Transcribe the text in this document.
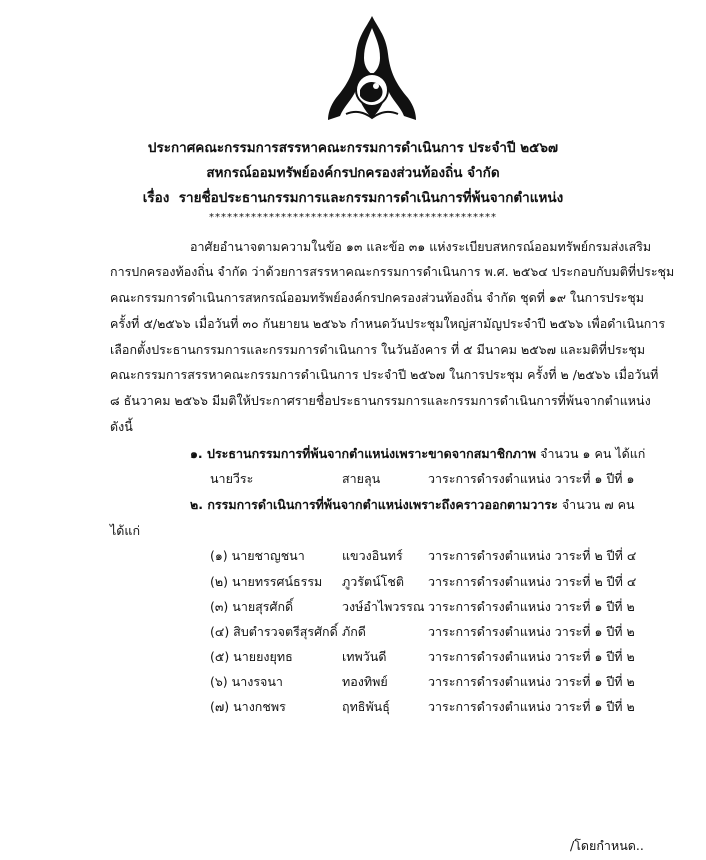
ประกาศคณะกรรมการสรรหาคณะกรรมการดำเนินการ ประจำปี ๒๕๖๗
สหกรณ์ออมทรัพย์องค์กรปกครองส่วนท้องถิ่น จำกัด
เรื่อง รายชื่อประธานกรรมการและกรรมการดำเนินการที่พ้นจากตำแหน่ง
************************************************
อาศัยอำนาจตามความในข้อ ๑๓ และข้อ ๓๑ แห่งระเบียบสหกรณ์ออมทรัพย์กรมส่งเสริม
การปกครองท้องถิ่น จำกัด ว่าด้วยการสรรหาคณะกรรมการดำเนินการ พ.ศ. ๒๕๖๔ ประกอบกับมติที่ประชุม
คณะกรรมการดำเนินการสหกรณ์ออมทรัพย์องค์กรปกครองส่วนท้องถิ่น จำกัด ชุดที่ ๑๙ ในการประชุม
ครั้งที่ ๕/๒๕๖๖ เมื่อวันที่ ๓๐ กันยายน ๒๕๖๖ กำหนดวันประชุมใหญ่สามัญประจำปี ๒๕๖๖ เพื่อดำเนินการ
เลือกตั้งประธานกรรมการและกรรมการดำเนินการ ในวันอังคาร ที่ ๕ มีนาคม ๒๕๖๗ และมติที่ประชุม
คณะกรรมการสรรหาคณะกรรมการดำเนินการ ประจำปี ๒๕๖๗ ในการประชุม ครั้งที่ ๒ /๒๕๖๖ เมื่อวันที่
๘ ธันวาคม ๒๕๖๖ มีมติให้ประกาศรายชื่อประธานกรรมการและกรรมการดำเนินการที่พ้นจากตำแหน่ง
ดังนี้
๑. ประธานกรรมการที่พ้นจากตำแหน่งเพราะขาดจากสมาชิกภาพ จำนวน ๑ คน ได้แก่
นายวีระ	สายลุน	วาระการดำรงตำแหน่ง วาระที่ ๑ ปีที่ ๑
๒. กรรมการดำเนินการที่พ้นจากตำแหน่งเพราะถึงคราวออกตามวาระ จำนวน ๗ คน
ได้แก่
(๑) นายชาญชนา	แขวงอินทร์ วาระการดำรงตำแหน่ง วาระที่ ๒ ปีที่ ๔
(๒) นายทรรศน์ธรรม ภูวรัตน์โชติ วาระการดำรงตำแหน่ง วาระที่ ๒ ปีที่ ๔
(๓) นายสุรศักดิ์	วงษ์อำไพวรรณ วาระการดำรงตำแหน่ง วาระที่ ๑ ปีที่ ๒
(๔) สิบตำรวจตรีสุรศักดิ์ ภักดี	วาระการดำรงตำแหน่ง วาระที่ ๑ ปีที่ ๒
(๕) นายยงยุทธ	เทพวันดี	วาระการดำรงตำแหน่ง วาระที่ ๑ ปีที่ ๒
(๖) นางรจนา	ทองทิพย์	วาระการดำรงตำแหน่ง วาระที่ ๑ ปีที่ ๒
(๗) นางกชพร	ฤทธิพันธุ์	วาระการดำรงตำแหน่ง วาระที่ ๑ ปีที่ ๒
/โดยกำหนด..
